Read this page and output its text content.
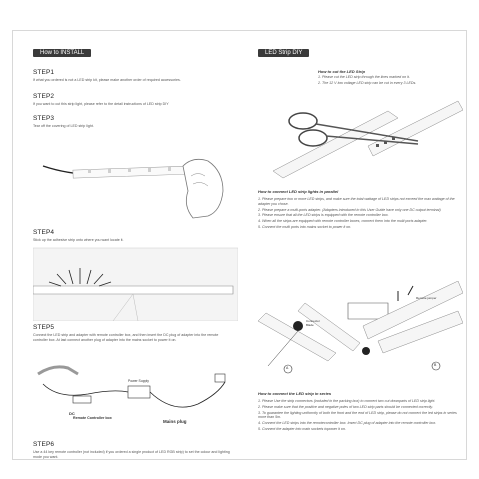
How to INSTALL
STEP1
If what you ordered is not a LED strip kit, please make another order of required accessories.
STEP2
If you want to cut this strip light, please refer to the detail instructions of LED strip DIY
STEP3
Tear off the covering of LED strip light.
STEP4
Stick up the adhesive strip onto where you want locate it.
STEP5
Connect the LED strip and adapter with remote controller box, and then insert the DC plug of adapter into the remote controller box. At last connect another plug of adapter into the mains socket to power it on.
DC
Remote Controller box
Power Supply
Mains plug
STEP6
Use a 44 key remote controller (not included) if you ordered a single product of LED RGB strip) to set the colour and lighting mode you want.
LED Strip DIY
How to cut the LED Strip
1. Please cut the LED strip through the lines marked on it.
2. The 12 V low voltage LED strip can be cut in every 3 LEDs.
How to connect LED strip lights in parallel
1. Please prepare two or more LED strips, and make sure the total wattage of LED strips not exceed the max wattage of the adapter you chose.
2. Please prepare a multi-ports adapter. (Adapters introduced in this User Guide have only one DC output terminal)
3. Please ensure that all the LED strips is equipped with the remote controller box.
4. When all the strips are equipped with remote controller boxes, connect them into the multi ports adapter.
5. Connect the multi ports into mains socket to power it on.
A
B
Connector Blade
Remote jumper
How to connect the LED strip in series
1. Please Use the strip connectors (included in the packing box) to connect two cut downparts of LED strip light.
2. Please make sure that the positive and negative poles of two LED strip parts should be connected correctly.
3. To guarantee the lighting uniformity of both the front and the end of LED strip, please do not connect the led strips in series more than 5m.
4. Connect the LED strips into the remotecontroller box. Insert DC plug of adapter into the remote controller box.
5. Connect the adapter into main sockets topower it on.
